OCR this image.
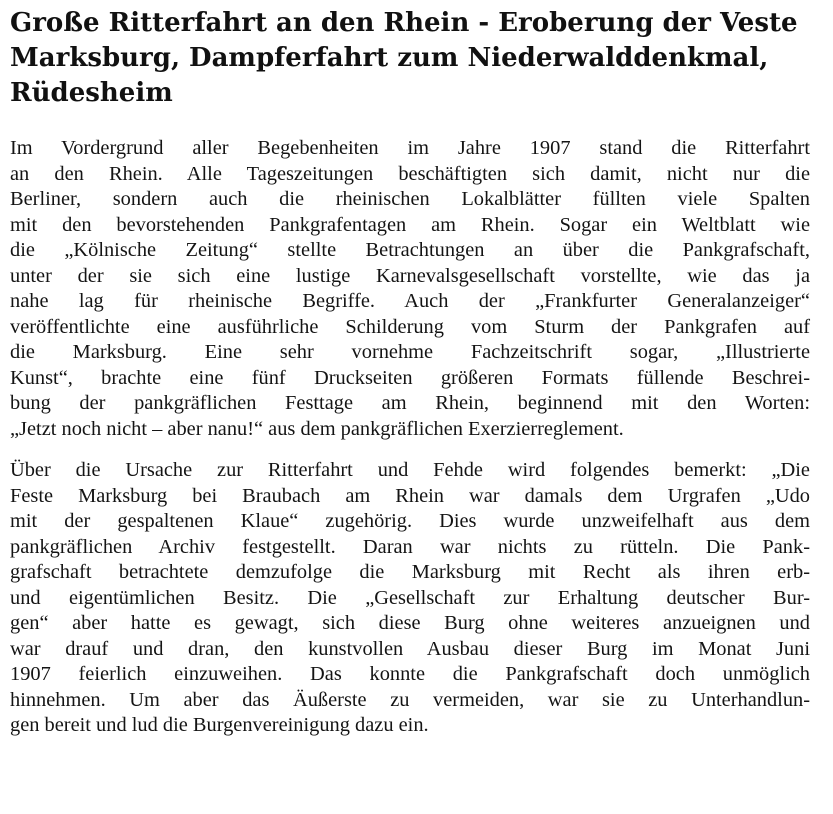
Große Ritterfahrt an den Rhein - Eroberung der Veste
Marksburg, Dampferfahrt zum Niederwalddenkmal,
Rüdesheim
Im Vordergrund aller Begebenheiten im Jahre 1907 stand die Ritterfahrt
an den Rhein. Alle Tageszeitungen beschäftigten sich damit, nicht nur die
Berliner, sondern auch die rheinischen Lokalblätter füllten viele Spalten
mit den bevorstehenden Pankgrafentagen am Rhein. Sogar ein Weltblatt wie
die „Kölnische Zeitung“ stellte Betrachtungen an über die Pankgrafschaft,
unter der sie sich eine lustige Karnevalsgesellschaft vorstellte, wie das ja
nahe lag für rheinische Begriffe. Auch der „Frankfurter Generalanzeiger“
veröffentlichte eine ausführliche Schilderung vom Sturm der Pankgrafen auf
die Marksburg. Eine sehr vornehme Fachzeitschrift sogar, „Illustrierte
Kunst“, brachte eine fünf Druckseiten größeren Formats füllende Beschrei-
bung der pankgräflichen Festtage am Rhein, beginnend mit den Worten:
„Jetzt noch nicht – aber nanu!“ aus dem pankgräflichen Exerzierreglement.
Über die Ursache zur Ritterfahrt und Fehde wird folgendes bemerkt: „Die
Feste Marksburg bei Braubach am Rhein war damals dem Urgrafen „Udo
mit der gespaltenen Klaue“ zugehörig. Dies wurde unzweifelhaft aus dem
pankgräflichen Archiv festgestellt. Daran war nichts zu rütteln. Die Pank-
grafschaft betrachtete demzufolge die Marksburg mit Recht als ihren erb-
und eigentümlichen Besitz. Die „Gesellschaft zur Erhaltung deutscher Bur-
gen“ aber hatte es gewagt, sich diese Burg ohne weiteres anzueignen und
war drauf und dran, den kunstvollen Ausbau dieser Burg im Monat Juni
1907 feierlich einzuweihen. Das konnte die Pankgrafschaft doch unmöglich
hinnehmen. Um aber das Äußerste zu vermeiden, war sie zu Unterhandlun-
gen bereit und lud die Burgenvereinigung dazu ein.
